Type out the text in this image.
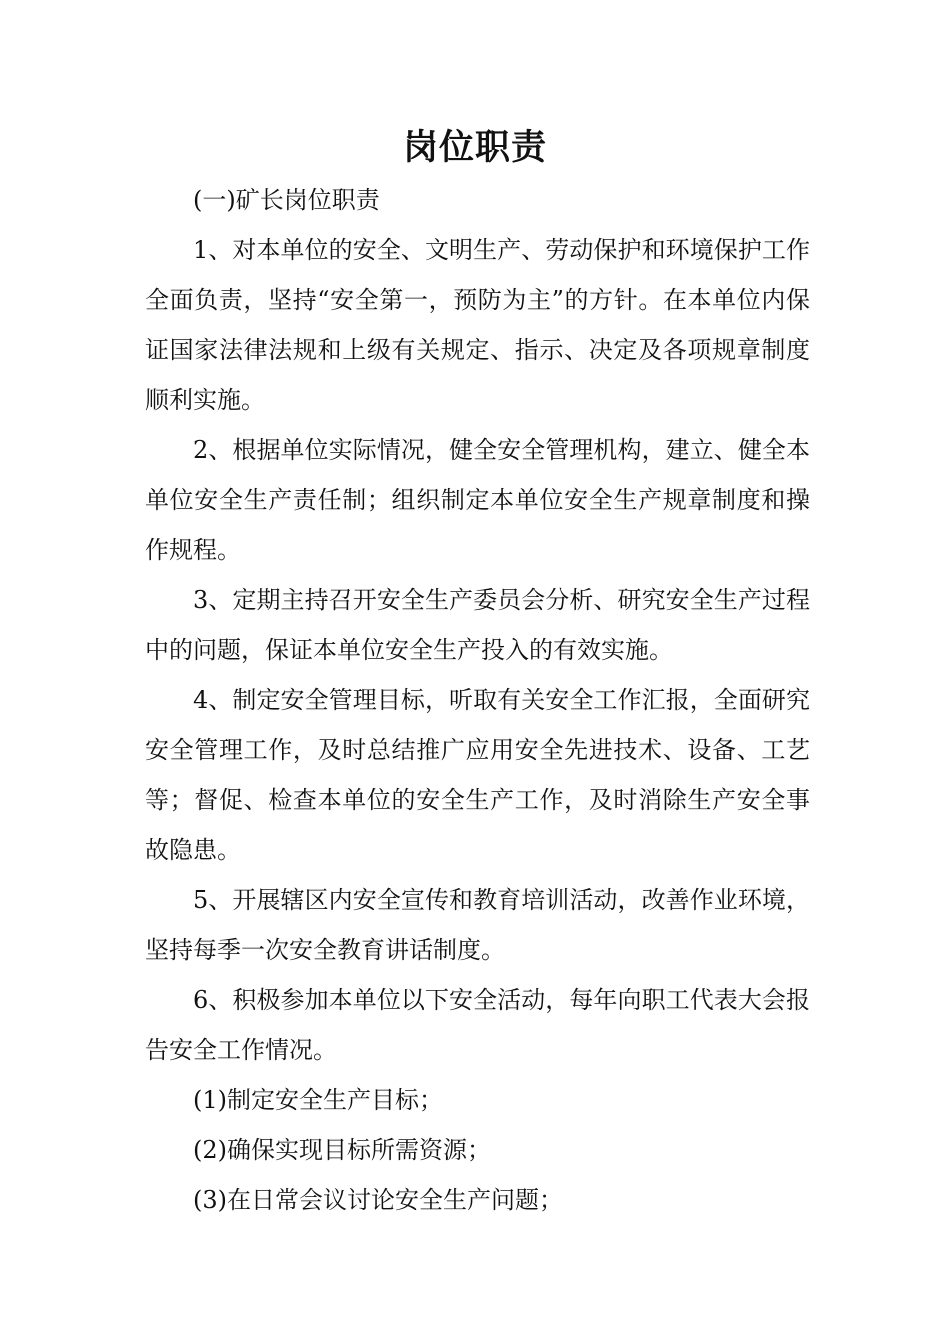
岗位职责

(一)矿长岗位职责

1、对本单位的安全、文明生产、劳动保护和环境保护工作全面负责，坚持“安全第一，预防为主”的方针。在本单位内保证国家法律法规和上级有关规定、指示、决定及各项规章制度顺利实施。

2、根据单位实际情况，健全安全管理机构，建立、健全本单位安全生产责任制；组织制定本单位安全生产规章制度和操作规程。

3、定期主持召开安全生产委员会分析、研究安全生产过程中的问题，保证本单位安全生产投入的有效实施。

4、制定安全管理目标，听取有关安全工作汇报，全面研究安全管理工作，及时总结推广应用安全先进技术、设备、工艺等；督促、检查本单位的安全生产工作，及时消除生产安全事故隐患。

5、开展辖区内安全宣传和教育培训活动，改善作业环境，坚持每季一次安全教育讲话制度。

6、积极参加本单位以下安全活动，每年向职工代表大会报告安全工作情况。

(1)制定安全生产目标；

(2)确保实现目标所需资源；

(3)在日常会议讨论安全生产问题；
